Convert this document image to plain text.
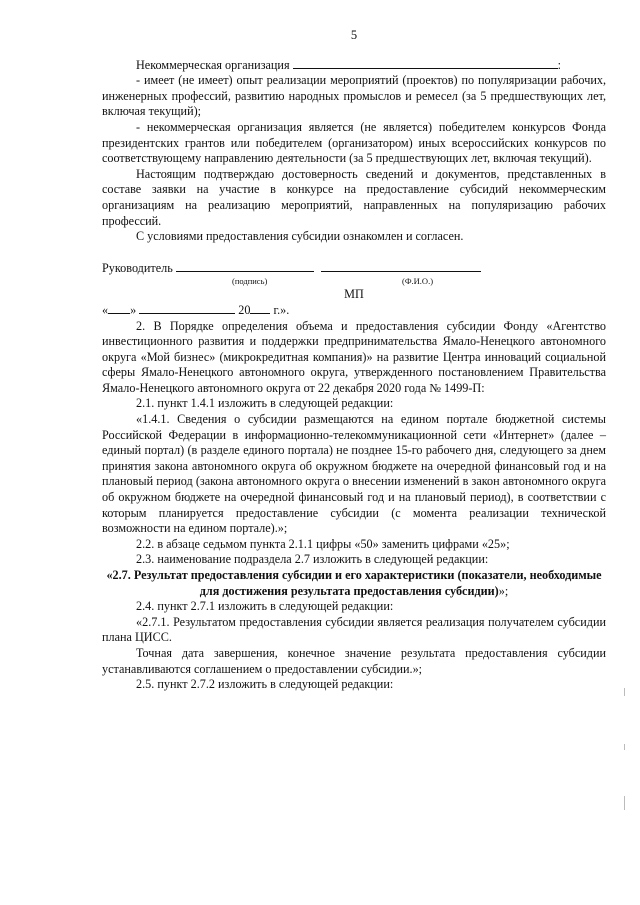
5

Некоммерческая организация	:

- имеет (не имеет) опыт реализации мероприятий (проектов) по популяризации рабочих, инженерных профессий, развитию народных промыслов и ремесел (за 5 предшествующих лет, включая текущий);

- некоммерческая организация является (не является) победителем конкурсов Фонда президентских грантов или победителем (организатором) иных всероссийских конкурсов по соответствующему направлению деятельности (за 5 предшествующих лет, включая текущий).

Настоящим подтверждаю достоверность сведений и документов, представленных в составе заявки на участие в конкурсе на предоставление субсидий некоммерческим организациям на реализацию мероприятий, направленных на популяризацию рабочих профессий.

С условиями предоставления субсидии ознакомлен и согласен.

Руководитель

(подпись)	(Ф.И.О.)

МП

« »	20 г.».

2. В Порядке определения объема и предоставления субсидии Фонду «Агентство инвестиционного развития и поддержки предпринимательства Ямало-Ненецкого автономного округа «Мой бизнес» (микрокредитная компания)» на развитие Центра инноваций социальной сферы Ямало-Ненецкого автономного округа, утвержденного постановлением Правительства Ямало-Ненецкого автономного округа от 22 декабря 2020 года № 1499-П:

2.1. пункт 1.4.1 изложить в следующей редакции:

«1.4.1. Сведения о субсидии размещаются на едином портале бюджетной системы Российской Федерации в информационно-телекоммуникационной сети «Интернет» (далее – единый портал) (в разделе единого портала) не позднее 15-го рабочего дня, следующего за днем принятия закона автономного округа об окружном бюджете на очередной финансовый год и на плановый период (закона автономного округа о внесении изменений в закон автономного округа об окружном бюджете на очередной финансовый год и на плановый период), в соответствии с которым планируется предоставление субсидии (с момента реализации технической возможности на едином портале).»;

2.2. в абзаце седьмом пункта 2.1.1 цифры «50» заменить цифрами «25»;

2.3. наименование подраздела 2.7 изложить в следующей редакции:

«2.7. Результат предоставления субсидии и его характеристики (показатели, необходимые для достижения результата предоставления субсидии)»;

2.4. пункт 2.7.1 изложить в следующей редакции:

«2.7.1. Результатом предоставления субсидии является реализация получателем субсидии плана ЦИСС.

Точная дата завершения, конечное значение результата предоставления субсидии устанавливаются соглашением о предоставлении субсидии.»;

2.5. пункт 2.7.2 изложить в следующей редакции:
